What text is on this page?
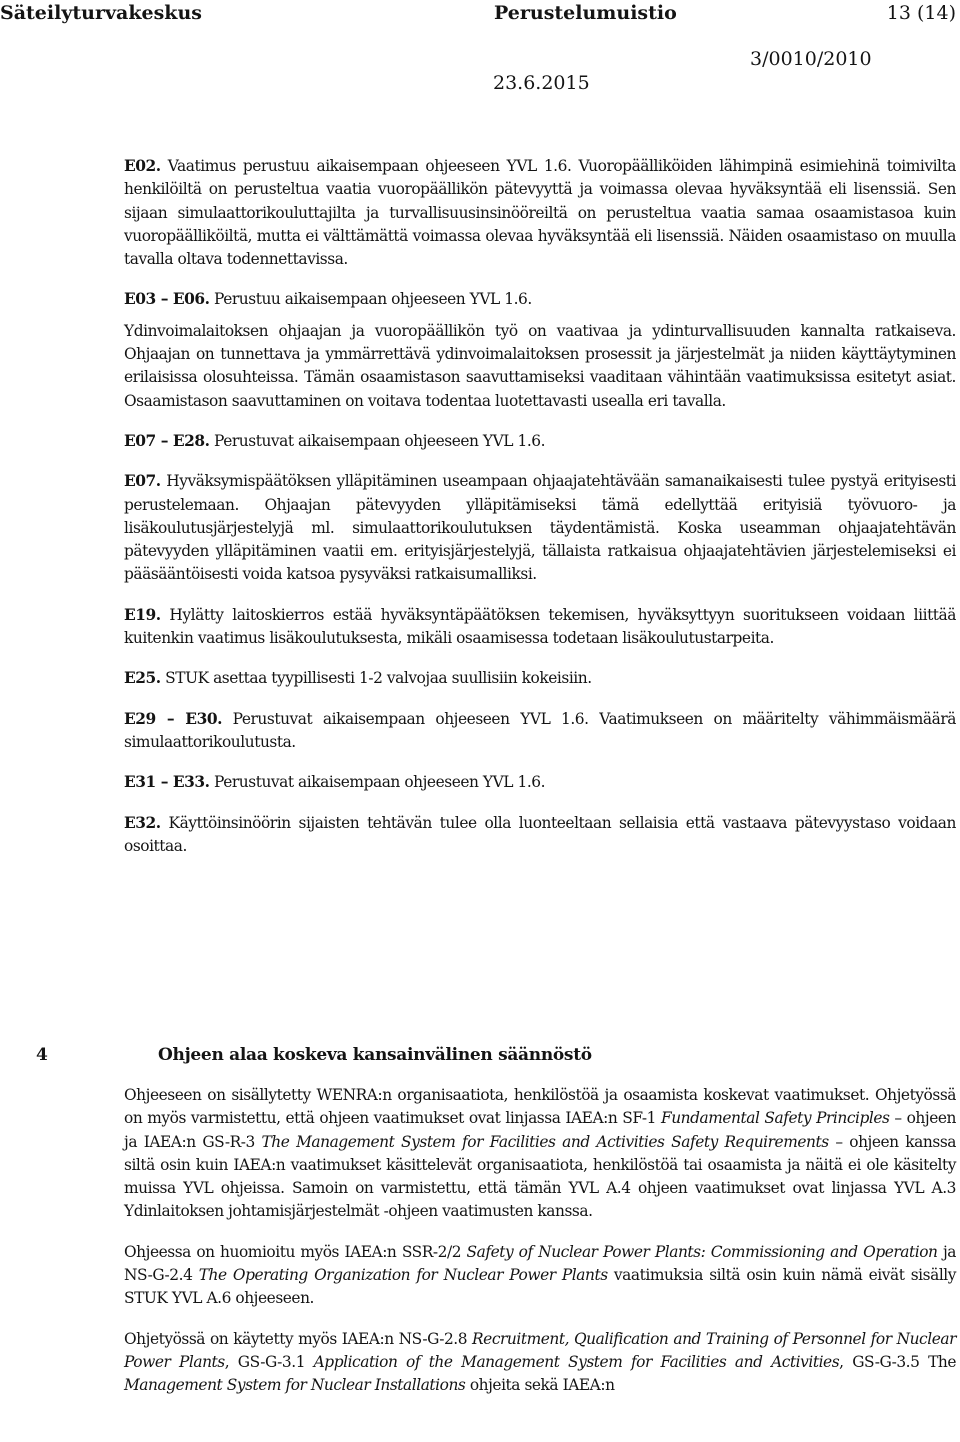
Säteilyturvakeskus	Perustelumuistio	13 (14)
3/0010/2010
23.6.2015

E02. Vaatimus perustuu aikaisempaan ohjeeseen YVL 1.6. Vuoropäälliköiden lähimpinä esimiehinä toimivilta henkilöiltä on perusteltua vaatia vuoropäällikön pätevyyttä ja voimassa olevaa hyväksyntää eli lisenssiä. Sen sijaan simulaattorikouluttajilta ja turvallisuusinsinööreiltä on perusteltua vaatia samaa osaamistasoa kuin vuoropäälliköiltä, mutta ei välttämättä voimassa olevaa hyväksyntää eli lisenssiä. Näiden osaamistaso on muulla tavalla oltava todennettavissa.

E03 – E06. Perustuu aikaisempaan ohjeeseen YVL 1.6.

Ydinvoimalaitoksen ohjaajan ja vuoropäällikön työ on vaativaa ja ydinturvallisuuden kannalta ratkaiseva. Ohjaajan on tunnettava ja ymmärrettävä ydinvoimalaitoksen prosessit ja järjestelmät ja niiden käyttäytyminen erilaisissa olosuhteissa. Tämän osaamistason saavuttamiseksi vaaditaan vähintään vaatimuksissa esitetyt asiat. Osaamistason saavuttaminen on voitava todentaa luotettavasti usealla eri tavalla.

E07 – E28. Perustuvat aikaisempaan ohjeeseen YVL 1.6.

E07. Hyväksymispäätöksen ylläpitäminen useampaan ohjaajatehtävään samanaikaisesti tulee pystyä erityisesti perustelemaan. Ohjaajan pätevyyden ylläpitämiseksi tämä edellyttää erityisiä työvuoro- ja lisäkoulutusjärjestelyjä ml. simulaattorikoulutuksen täydentämistä. Koska useamman ohjaajatehtävän pätevyyden ylläpitäminen vaatii em. erityisjärjestelyjä, tällaista ratkaisua ohjaajatehtävien järjestelemiseksi ei pääsääntöisesti voida katsoa pysyväksi ratkaisumalliksi.

E19. Hylätty laitoskierros estää hyväksyntäpäätöksen tekemisen, hyväksyttyyn suoritukseen voidaan liittää kuitenkin vaatimus lisäkoulutuksesta, mikäli osaamisessa todetaan lisäkoulutustarpeita.

E25. STUK asettaa tyypillisesti 1-2 valvojaa suullisiin kokeisiin.

E29 – E30. Perustuvat aikaisempaan ohjeeseen YVL 1.6. Vaatimukseen on määritelty vähimmäismäärä simulaattorikoulutusta.

E31 – E33. Perustuvat aikaisempaan ohjeeseen YVL 1.6.

E32. Käyttöinsinöörin sijaisten tehtävän tulee olla luonteeltaan sellaisia että vastaava pätevyystaso voidaan osoittaa.

4	Ohjeen alaa koskeva kansainvälinen säännöstö

Ohjeeseen on sisällytetty WENRA:n organisaatiota, henkilöstöä ja osaamista koskevat vaatimukset. Ohjetyössä on myös varmistettu, että ohjeen vaatimukset ovat linjassa IAEA:n SF-1 Fundamental Safety Principles – ohjeen ja IAEA:n GS-R-3 The Management System for Facilities and Activities Safety Requirements – ohjeen kanssa siltä osin kuin IAEA:n vaatimukset käsittelevät organisaatiota, henkilöstöä tai osaamista ja näitä ei ole käsitelty muissa YVL ohjeissa. Samoin on varmistettu, että tämän YVL A.4 ohjeen vaatimukset ovat linjassa YVL A.3 Ydinlaitoksen johtamisjärjestelmät -ohjeen vaatimusten kanssa.

Ohjeessa on huomioitu myös IAEA:n SSR-2/2 Safety of Nuclear Power Plants: Commissioning and Operation ja NS-G-2.4 The Operating Organization for Nuclear Power Plants vaatimuksia siltä osin kuin nämä eivät sisälly STUK YVL A.6 ohjeeseen.

Ohjetyössä on käytetty myös IAEA:n NS-G-2.8 Recruitment, Qualification and Training of Personnel for Nuclear Power Plants, GS-G-3.1 Application of the Management System for Facilities and Activities, GS-G-3.5 The Management System for Nuclear Installations ohjeita sekä IAEA:n
